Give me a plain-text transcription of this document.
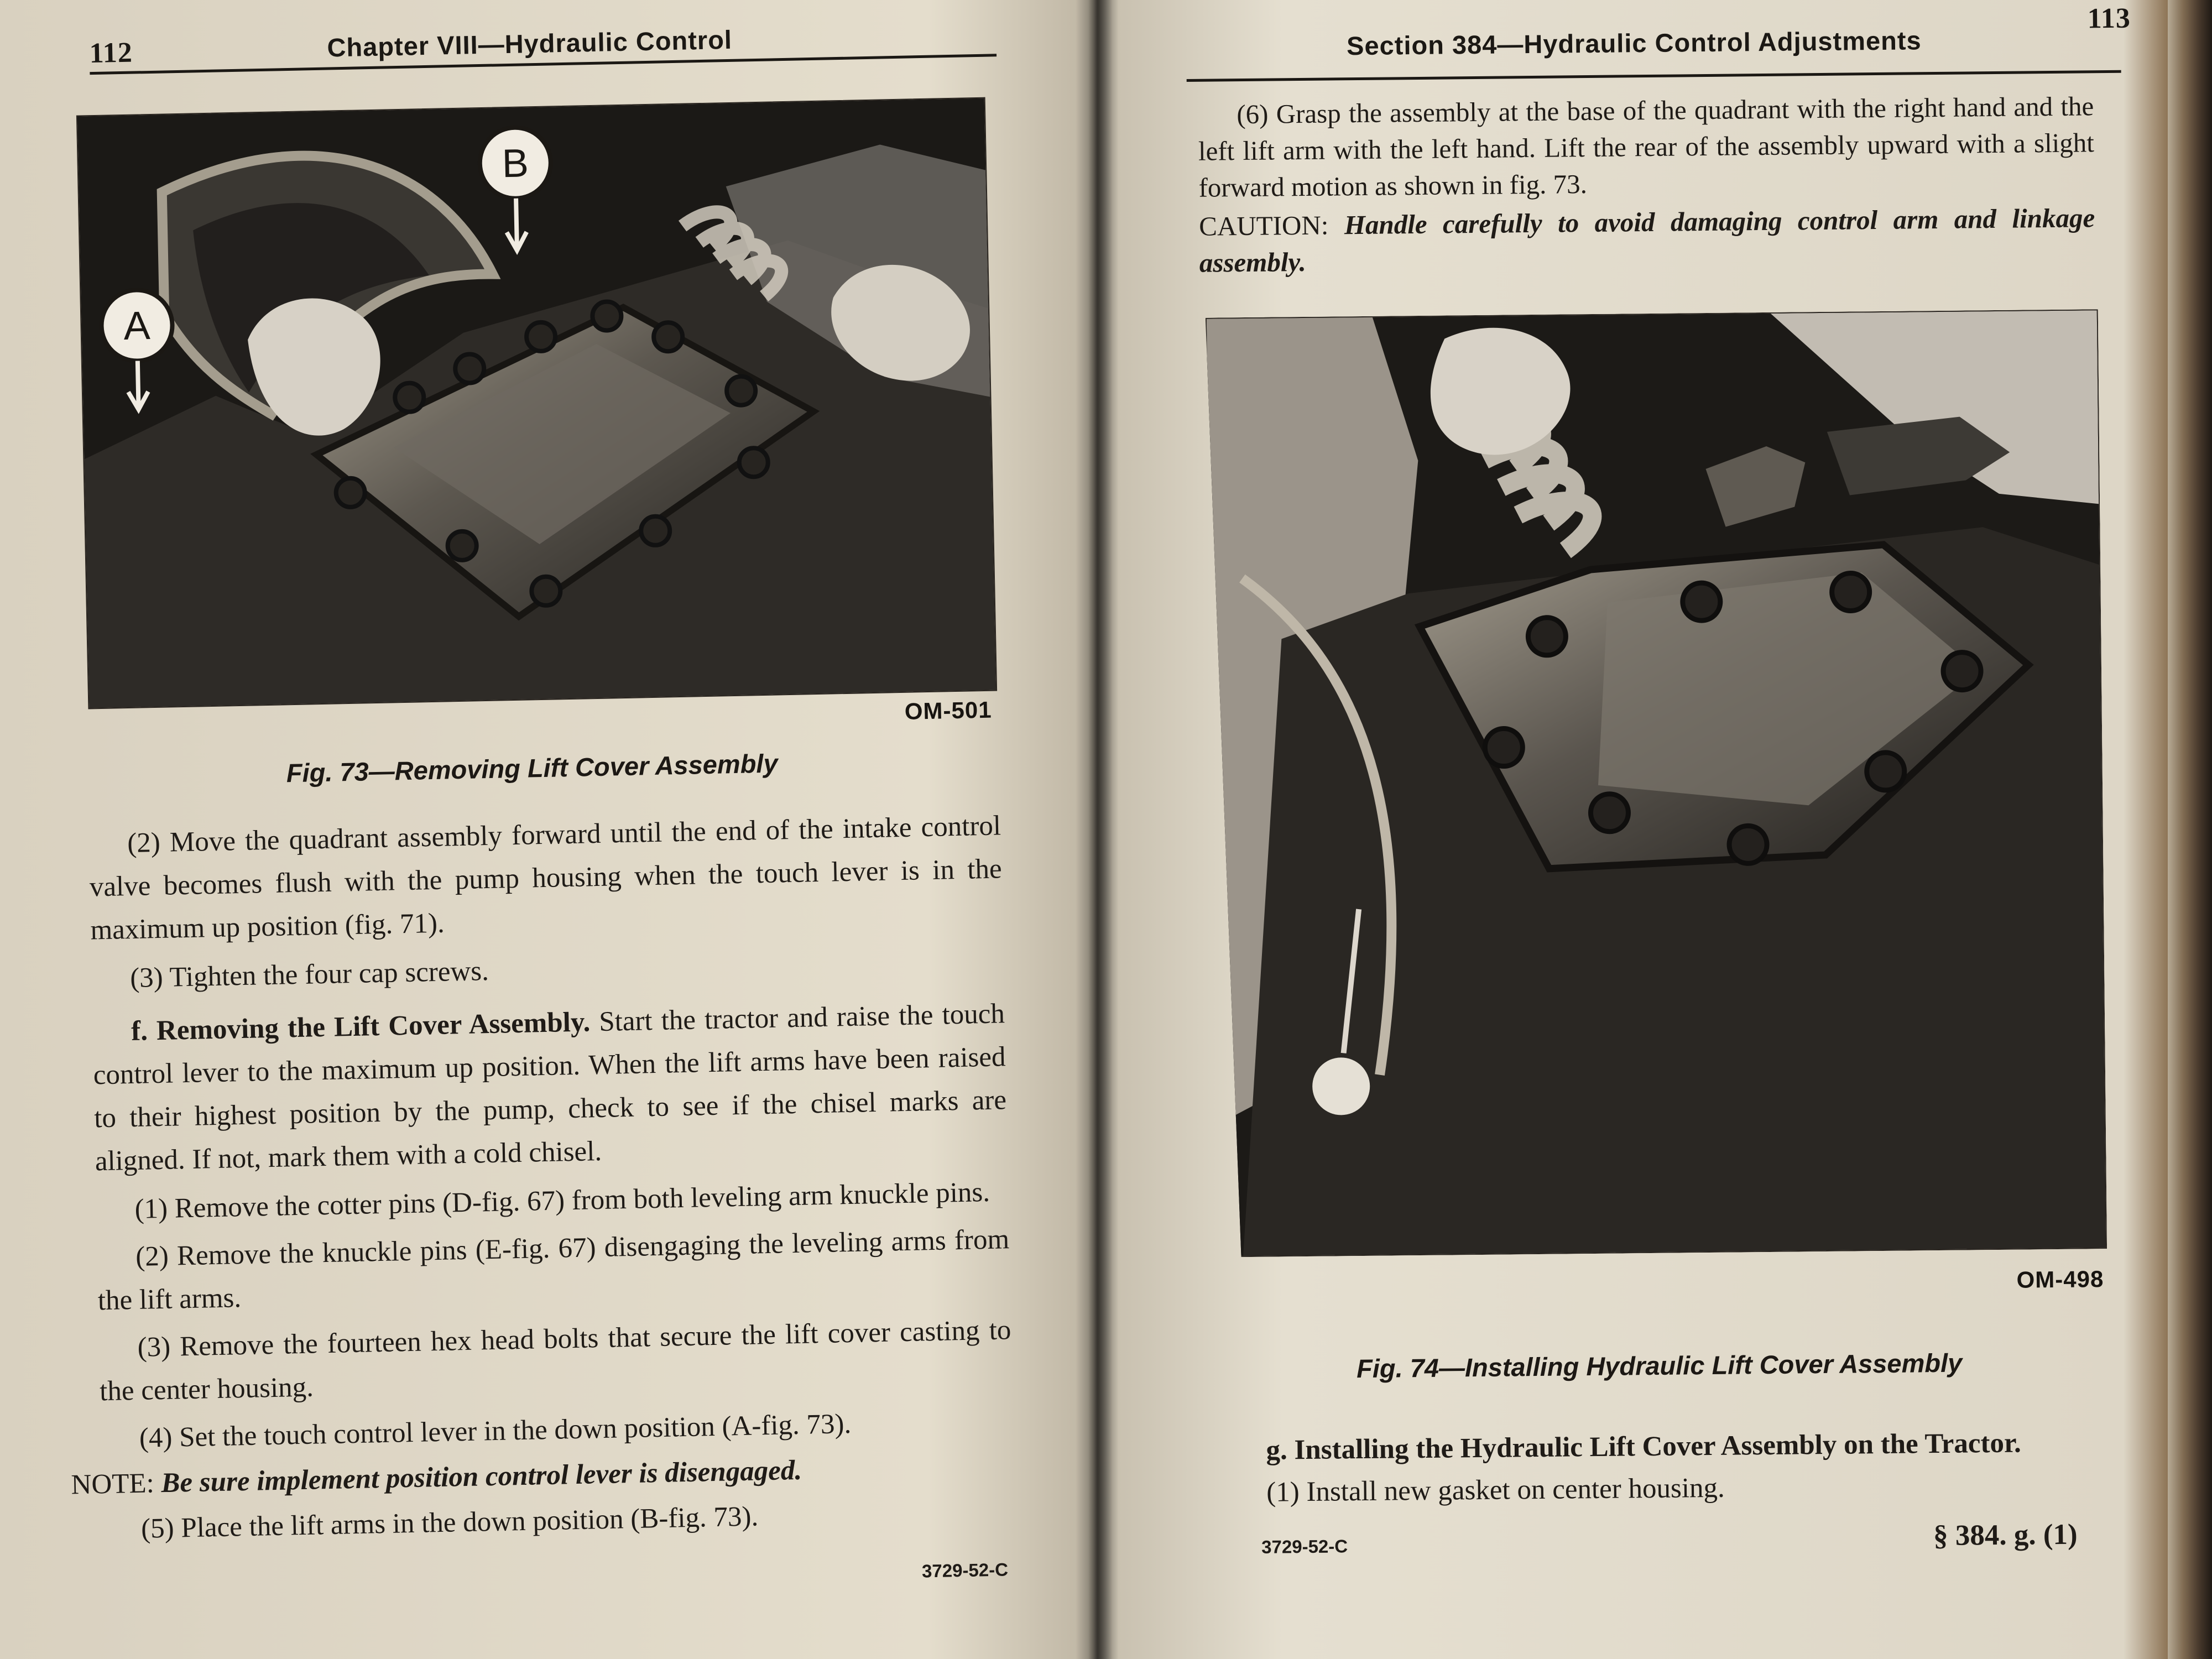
112	Chapter VIII—Hydraulic Control
A
B
OM-501
Fig. 73—Removing Lift Cover Assembly

(2) Move the quadrant assembly forward until the end of the intake control valve becomes flush with the pump housing when the touch lever is in the maximum up position (fig. 71).

(3) Tighten the four cap screws.

f. Removing the Lift Cover Assembly. Start the tractor and raise the touch control lever to the maximum up position. When the lift arms have been raised to their highest position by the pump, check to see if the chisel marks are aligned. If not, mark them with a cold chisel.

(1) Remove the cotter pins (D-fig. 67) from both leveling arm knuckle pins.

(2) Remove the knuckle pins (E-fig. 67) disengaging the leveling arms from the lift arms.

(3) Remove the fourteen hex head bolts that secure the lift cover casting to the center housing.

(4) Set the touch control lever in the down position (A-fig. 73).

NOTE: Be sure implement position control lever is disengaged.

(5) Place the lift arms in the down position (B-fig. 73).

3729-52-C
Section 384—Hydraulic Control Adjustments
113

(6) Grasp the assembly at the base of the quadrant with the right hand and the left lift arm with the left hand. Lift the rear of the assembly upward with a slight forward motion as shown in fig. 73.

CAUTION: Handle carefully to avoid damaging control arm and linkage assembly.

OM-498
Fig. 74—Installing Hydraulic Lift Cover Assembly

g. Installing the Hydraulic Lift Cover Assembly on the Tractor.

(1) Install new gasket on center housing.

3729-52-C	§ 384. g. (1)
